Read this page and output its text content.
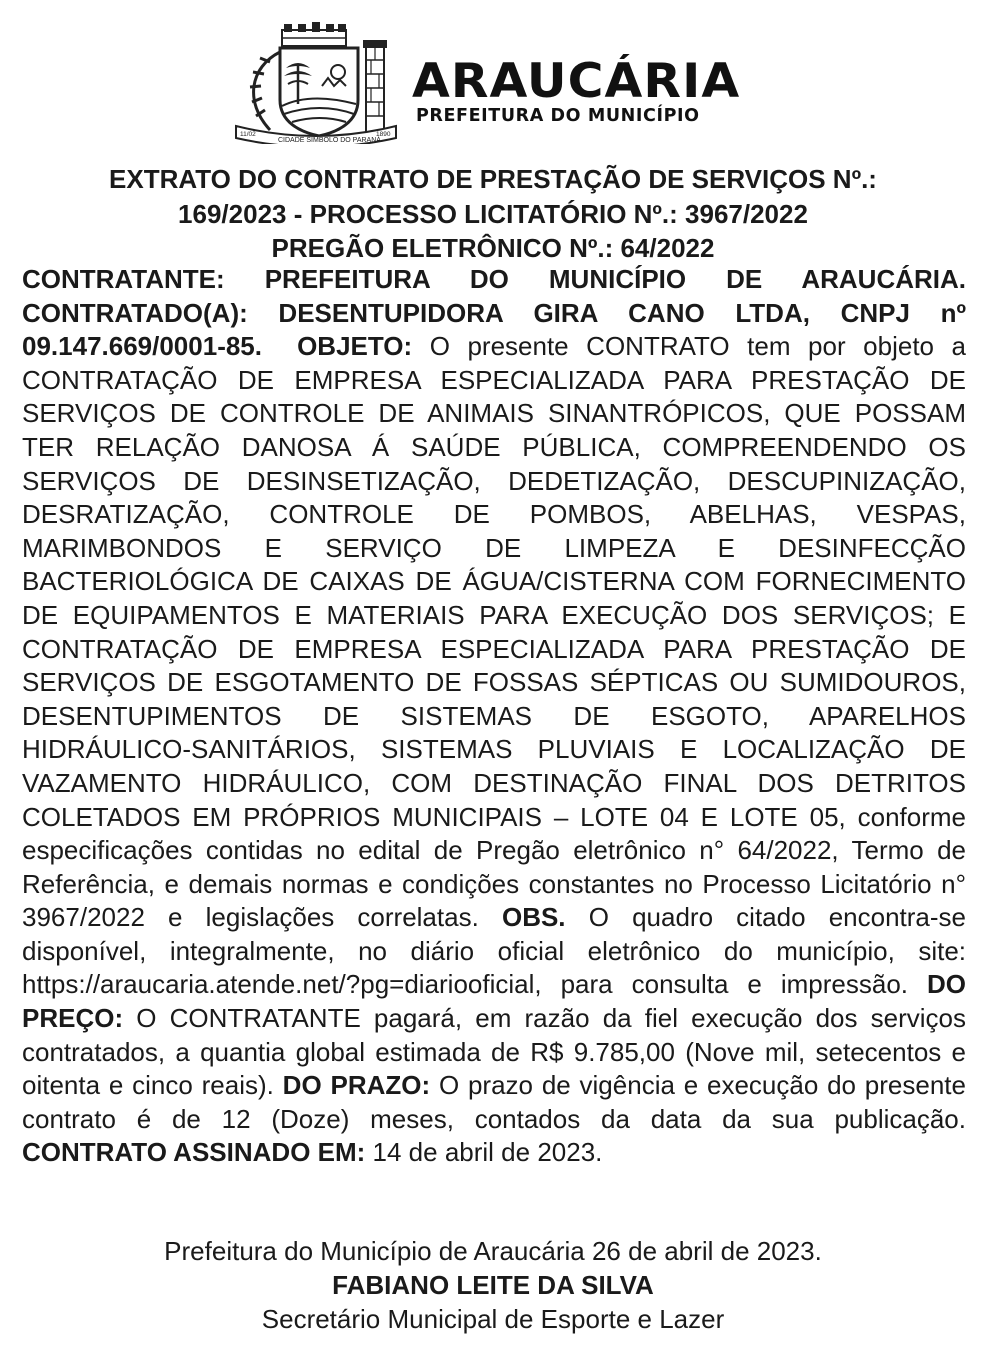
11/02
CIDADE SÍMBOLO DO PARANÁ
1890
ARAUCÁRIA
PREFEITURA DO MUNICÍPIO
EXTRATO DO CONTRATO DE PRESTAÇÃO DE SERVIÇOS Nº.:
169/2023 - PROCESSO LICITATÓRIO Nº.: 3967/2022
PREGÃO ELETRÔNICO Nº.: 64/2022
CONTRATANTE: PREFEITURA DO MUNICÍPIO DE ARAUCÁRIA. CONTRATADO(A): DESENTUPIDORA GIRA CANO LTDA, CNPJ nº 09.147.669/0001-85. OBJETO: O presente CONTRATO tem por objeto a CONTRATAÇÃO DE EMPRESA ESPECIALIZADA PARA PRESTAÇÃO DE SERVIÇOS DE CONTROLE DE ANIMAIS SINANTRÓPICOS, QUE POSSAM TER RELAÇÃO DANOSA Á SAÚDE PÚBLICA, COMPREENDENDO OS SERVIÇOS DE DESINSETIZAÇÃO, DEDETIZAÇÃO, DESCUPINIZAÇÃO, DESRATIZAÇÃO, CONTROLE DE POMBOS, ABELHAS, VESPAS, MARIMBONDOS E SERVIÇO DE LIMPEZA E DESINFECÇÃO BACTERIOLÓGICA DE CAIXAS DE ÁGUA/CISTERNA COM FORNECIMENTO DE EQUIPAMENTOS E MATERIAIS PARA EXECUÇÃO DOS SERVIÇOS; E CONTRATAÇÃO DE EMPRESA ESPECIALIZADA PARA PRESTAÇÃO DE SERVIÇOS DE ESGOTAMENTO DE FOSSAS SÉPTICAS OU SUMIDOUROS, DESENTUPIMENTOS DE SISTEMAS DE ESGOTO, APARELHOS HIDRÁULICO-SANITÁRIOS, SISTEMAS PLUVIAIS E LOCALIZAÇÃO DE VAZAMENTO HIDRÁULICO, COM DESTINAÇÃO FINAL DOS DETRITOS COLETADOS EM PRÓPRIOS MUNICIPAIS – LOTE 04 E LOTE 05, conforme especificações contidas no edital de Pregão eletrônico n° 64/2022, Termo de Referência, e demais normas e condições constantes no Processo Licitatório n° 3967/2022 e legislações correlatas. OBS. O quadro citado encontra-se disponível, integralmente, no diário oficial eletrônico do município, site: https://araucaria.atende.net/?pg=diariooficial, para consulta e impressão. DO PREÇO: O CONTRATANTE pagará, em razão da fiel execução dos serviços contratados, a quantia global estimada de R$ 9.785,00 (Nove mil, setecentos e oitenta e cinco reais). DO PRAZO: O prazo de vigência e execução do presente contrato é de 12 (Doze) meses, contados da data da sua publicação. CONTRATO ASSINADO EM: 14 de abril de 2023.
Prefeitura do Município de Araucária 26 de abril de 2023.
FABIANO LEITE DA SILVA
Secretário Municipal de Esporte e Lazer
